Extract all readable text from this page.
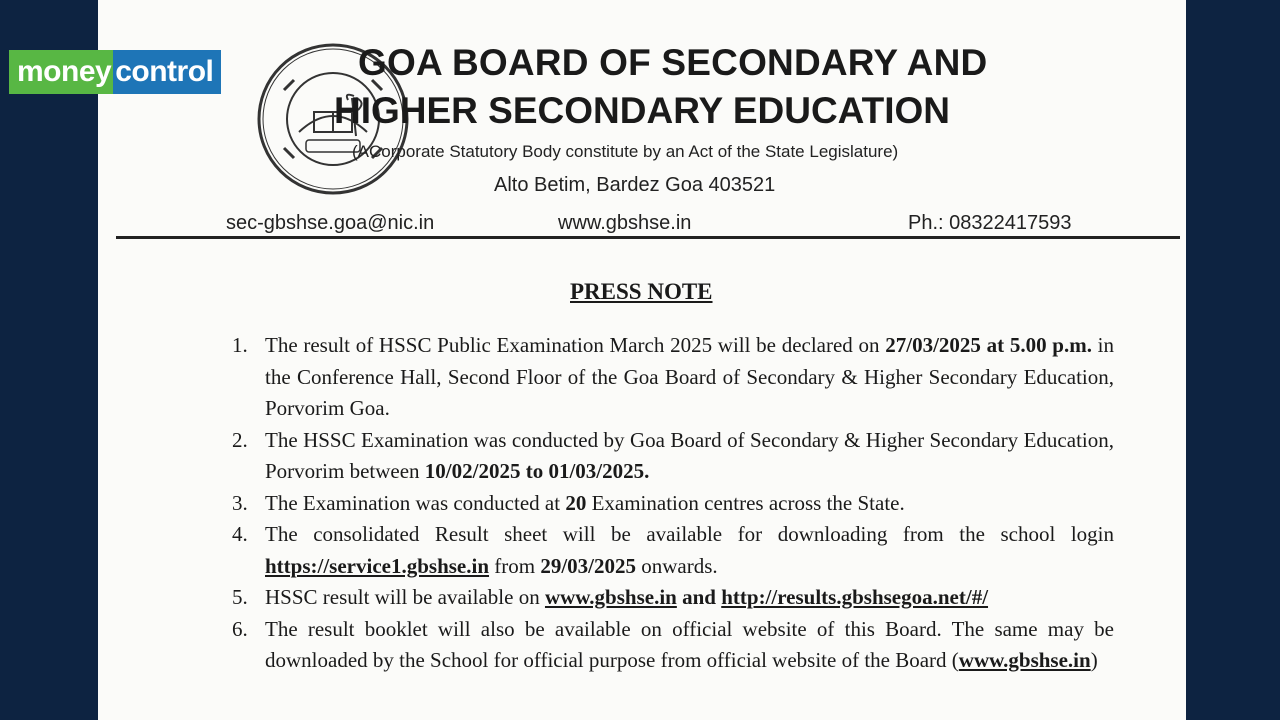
GOA BOARD OF SECONDARY AND
HIGHER SECONDARY EDUCATION
(ACorporate Statutory Body constitute by an Act of the State Legislature)
Alto Betim, Bardez Goa 403521
sec-gbshse.goa@nic.in	www.gbshse.in	Ph.: 08322417593
PRESS NOTE
1. The result of HSSC Public Examination March 2025 will be declared on 27/03/2025 at 5.00 p.m. in the Conference Hall, Second Floor of the Goa Board of Secondary & Higher Secondary Education, Porvorim Goa.
2. The HSSC Examination was conducted by Goa Board of Secondary & Higher Secondary Education, Porvorim between 10/02/2025 to 01/03/2025.
3. The Examination was conducted at 20 Examination centres across the State.
4. The consolidated Result sheet will be available for downloading from the school login https://service1.gbshse.in from 29/03/2025 onwards.
5. HSSC result will be available on www.gbshse.in and http://results.gbshsegoa.net/#/
6. The result booklet will also be available on official website of this Board. The same may be downloaded by the School for official purpose from official website of the Board (www.gbshse.in)
money control
